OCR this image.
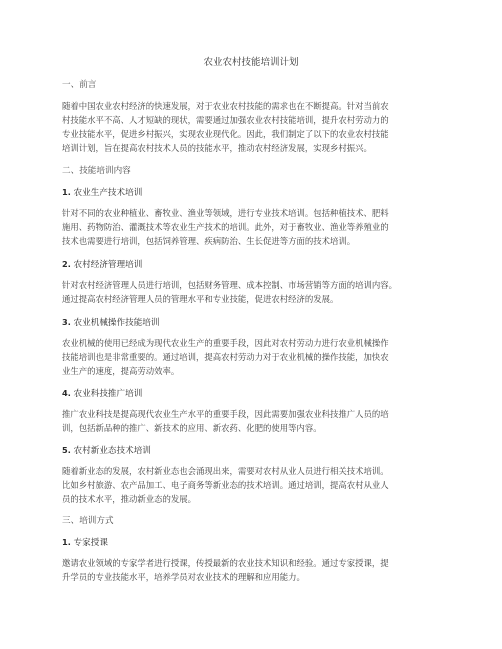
农业农村技能培训计划
一、前言
随着中国农业农村经济的快速发展，对于农业农村技能的需求也在不断提高。针对当前农
村技能水平不高、人才短缺的现状，需要通过加强农业农村技能培训，提升农村劳动力的
专业技能水平，促进乡村振兴，实现农业现代化。因此，我们制定了以下的农业农村技能
培训计划，旨在提高农村技术人员的技能水平，推动农村经济发展，实现乡村振兴。
二、技能培训内容
1. 农业生产技术培训
针对不同的农业种植业、畜牧业、渔业等领域，进行专业技术培训。包括种植技术、肥料
施用、药物防治、灌溉技术等农业生产技术的培训。此外，对于畜牧业、渔业等养殖业的
技术也需要进行培训，包括饲养管理、疾病防治、生长促进等方面的技术培训。
2. 农村经济管理培训
针对农村经济管理人员进行培训，包括财务管理、成本控制、市场营销等方面的培训内容。
通过提高农村经济管理人员的管理水平和专业技能，促进农村经济的发展。
3. 农业机械操作技能培训
农业机械的使用已经成为现代农业生产的重要手段，因此对农村劳动力进行农业机械操作
技能培训也是非常重要的。通过培训，提高农村劳动力对于农业机械的操作技能，加快农
业生产的速度，提高劳动效率。
4. 农业科技推广培训
推广农业科技是提高现代农业生产水平的重要手段，因此需要加强农业科技推广人员的培
训，包括新品种的推广、新技术的应用、新农药、化肥的使用等内容。
5. 农村新业态技术培训
随着新业态的发展，农村新业态也会涌现出来，需要对农村从业人员进行相关技术培训。
比如乡村旅游、农产品加工、电子商务等新业态的技术培训。通过培训，提高农村从业人
员的技术水平，推动新业态的发展。
三、培训方式
1. 专家授课
邀请农业领域的专家学者进行授课，传授最新的农业技术知识和经验。通过专家授课，提
升学员的专业技能水平，培养学员对农业技术的理解和应用能力。
